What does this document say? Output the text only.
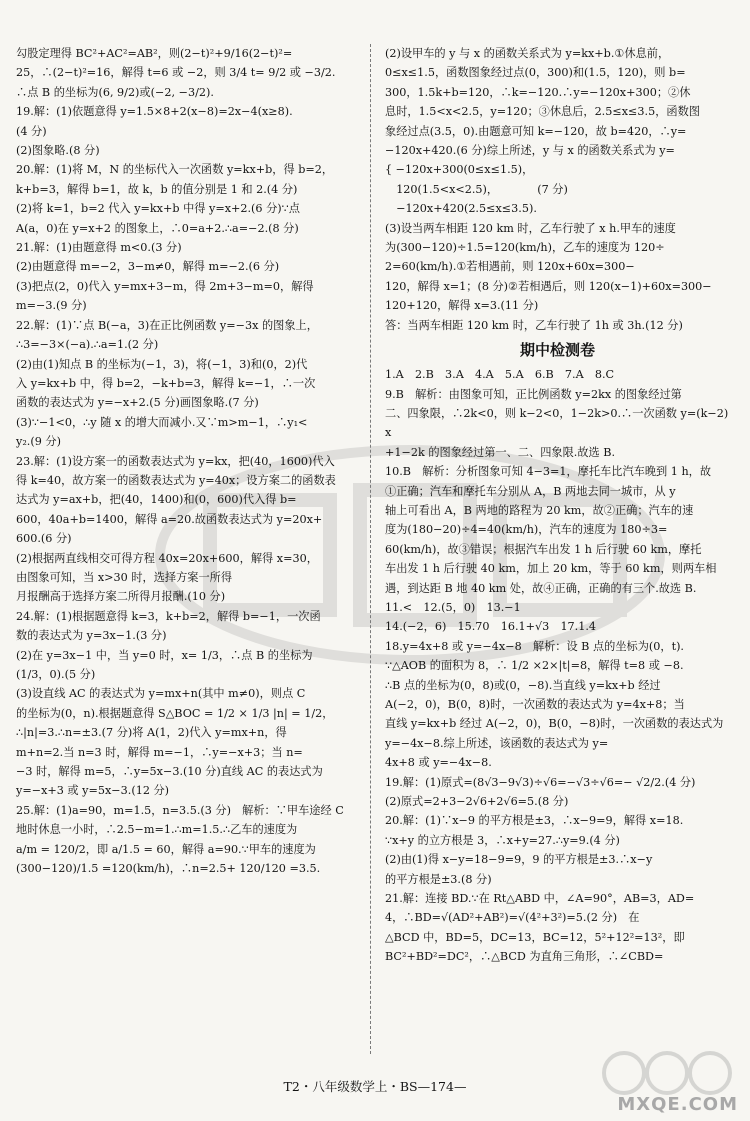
勾股定理得 BC²+AC²=AB²，则(2−t)²+9/16(2−t)²=

25，∴(2−t)²=16，解得 t=6 或 −2，则 3/4 t= 9/2 或 −3/2.

∴点 B 的坐标为(6, 9/2)或(−2, −3/2).

19.解：(1)依题意得 y=1.5×8+2(x−8)=2x−4(x≥8).

(4 分)

(2)图象略.(8 分)

20.解：(1)将 M，N 的坐标代入一次函数 y=kx+b，得 b=2，

k+b=3，解得 b=1，故 k，b 的值分别是 1 和 2.(4 分)

(2)将 k=1，b=2 代入 y=kx+b 中得 y=x+2.(6 分)∵点

A(a，0)在 y=x+2 的图象上，∴0=a+2.∴a=−2.(8 分)

21.解：(1)由题意得 m<0.(3 分)

(2)由题意得 m=−2，3−m≠0，解得 m=−2.(6 分)

(3)把点(2，0)代入 y=mx+3−m，得 2m+3−m=0，解得

m=−3.(9 分)

22.解：(1)∵点 B(−a，3)在正比例函数 y=−3x 的图象上，

∴3=−3×(−a).∴a=1.(2 分)

(2)由(1)知点 B 的坐标为(−1，3)，将(−1，3)和(0，2)代

入 y=kx+b 中，得 b=2，−k+b=3，解得 k=−1，∴一次

函数的表达式为 y=−x+2.(5 分)画图象略.(7 分)

(3)∵−1<0，∴y 随 x 的增大而减小.又∵m>m−1，∴y₁<

y₂.(9 分)

23.解：(1)设方案一的函数表达式为 y=kx，把(40，1600)代入

得 k=40，故方案一的函数表达式为 y=40x；设方案二的函数表

达式为 y=ax+b，把(40，1400)和(0，600)代入得 b=

600，40a+b=1400，解得 a=20.故函数表达式为 y=20x+

600.(6 分)

(2)根据两直线相交可得方程 40x=20x+600，解得 x=30，

由图象可知，当 x>30 时，选择方案一所得

月报酬高于选择方案二所得月报酬.(10 分)

24.解：(1)根据题意得 k=3，k+b=2，解得 b=−1，一次函

数的表达式为 y=3x−1.(3 分)

(2)在 y=3x−1 中，当 y=0 时，x= 1/3，∴点 B 的坐标为

(1/3，0).(5 分)

(3)设直线 AC 的表达式为 y=mx+n(其中 m≠0)，则点 C

的坐标为(0，n).根据题意得 S△BOC = 1/2 × 1/3 |n| = 1/2，

∴|n|=3.∴n=±3.(7 分)将 A(1，2)代入 y=mx+n，得

m+n=2.当 n=3 时，解得 m=−1，∴y=−x+3；当 n=

−3 时，解得 m=5，∴y=5x−3.(10 分)直线 AC 的表达式为

y=−x+3 或 y=5x−3.(12 分)

25.解：(1)a=90，m=1.5，n=3.5.(3 分)　解析：∵甲车途经 C

地时休息一小时，∴2.5−m=1.∴m=1.5.∴乙车的速度为

a/m = 120/2，即 a/1.5 = 60，解得 a=90.∵甲车的速度为

(300−120)/1.5 =120(km/h)，∴n=2.5+ 120/120 =3.5.

(2)设甲车的 y 与 x 的函数关系式为 y=kx+b.①休息前，

0≤x≤1.5，函数图象经过点(0，300)和(1.5，120)，则 b=

300，1.5k+b=120，∴k=−120.∴y=−120x+300；②休

息时，1.5<x<2.5，y=120；③休息后，2.5≤x≤3.5，函数图

象经过点(3.5，0).由题意可知 k=−120，故 b=420，∴y=

−120x+420.(6 分)综上所述，y 与 x 的函数关系式为 y=

{ −120x+300(0≤x≤1.5)，

　120(1.5<x<2.5)，　　　　(7 分)

　−120x+420(2.5≤x≤3.5).

(3)设当两车相距 120 km 时，乙车行驶了 x h.甲车的速度

为(300−120)÷1.5=120(km/h)，乙车的速度为 120÷

2=60(km/h).①若相遇前，则 120x+60x=300−

120，解得 x=1；(8 分)②若相遇后，则 120(x−1)+60x=300−

120+120，解得 x=3.(11 分)

答：当两车相距 120 km 时，乙车行驶了 1h 或 3h.(12 分)

期中检测卷

1.A　2.B　3.A　4.A　5.A　6.B　7.A　8.C

9.B　解析：由图象可知，正比例函数 y=2kx 的图象经过第

二、四象限，∴2k<0，则 k−2<0，1−2k>0.∴一次函数 y=(k−2)x

+1−2k 的图象经过第一、二、四象限.故选 B.

10.B　解析：分析图象可知 4−3=1，摩托车比汽车晚到 1 h，故

①正确；汽车和摩托车分别从 A，B 两地去同一城市，从 y

轴上可看出 A，B 两地的路程为 20 km，故②正确；汽车的速

度为(180−20)÷4=40(km/h)，汽车的速度为 180÷3=

60(km/h)，故③错误；根据汽车出发 1 h 后行驶 60 km，摩托

车出发 1 h 后行驶 40 km，加上 20 km，等于 60 km，则两车相

遇，到达距 B 地 40 km 处，故④正确，正确的有三个.故选 B.

11.<　12.(5，0)　13.−1

14.(−2，6)　15.70　16.1+√3　17.1.4

18.y=4x+8 或 y=−4x−8　解析：设 B 点的坐标为(0，t).

∵△AOB 的面积为 8，∴ 1/2 ×2×|t|=8，解得 t=8 或 −8.

∴B 点的坐标为(0，8)或(0，−8).当直线 y=kx+b 经过

A(−2，0)，B(0，8)时，一次函数的表达式为 y=4x+8；当

直线 y=kx+b 经过 A(−2，0)，B(0，−8)时，一次函数的表达式为

y=−4x−8.综上所述，该函数的表达式为 y=

4x+8 或 y=−4x−8.

19.解：(1)原式=(8√3−9√3)÷√6=−√3÷√6=− √2/2.(4 分)

(2)原式=2+3−2√6+2√6=5.(8 分)

20.解：(1)∵x−9 的平方根是±3，∴x−9=9，解得 x=18.

∵x+y 的立方根是 3，∴x+y=27.∴y=9.(4 分)

(2)由(1)得 x−y=18−9=9，9 的平方根是±3.∴x−y

的平方根是±3.(8 分)

21.解：连接 BD.∵在 Rt△ABD 中，∠A=90°，AB=3，AD=

4，∴BD=√(AD²+AB²)=√(4²+3²)=5.(2 分)　在

△BCD 中，BD=5，DC=13，BC=12，5²+12²=13²，即

BC²+BD²=DC²，∴△BCD 为直角三角形，∴∠CBD=

T2・八年级数学上・BS—174—
MXQE.COM
